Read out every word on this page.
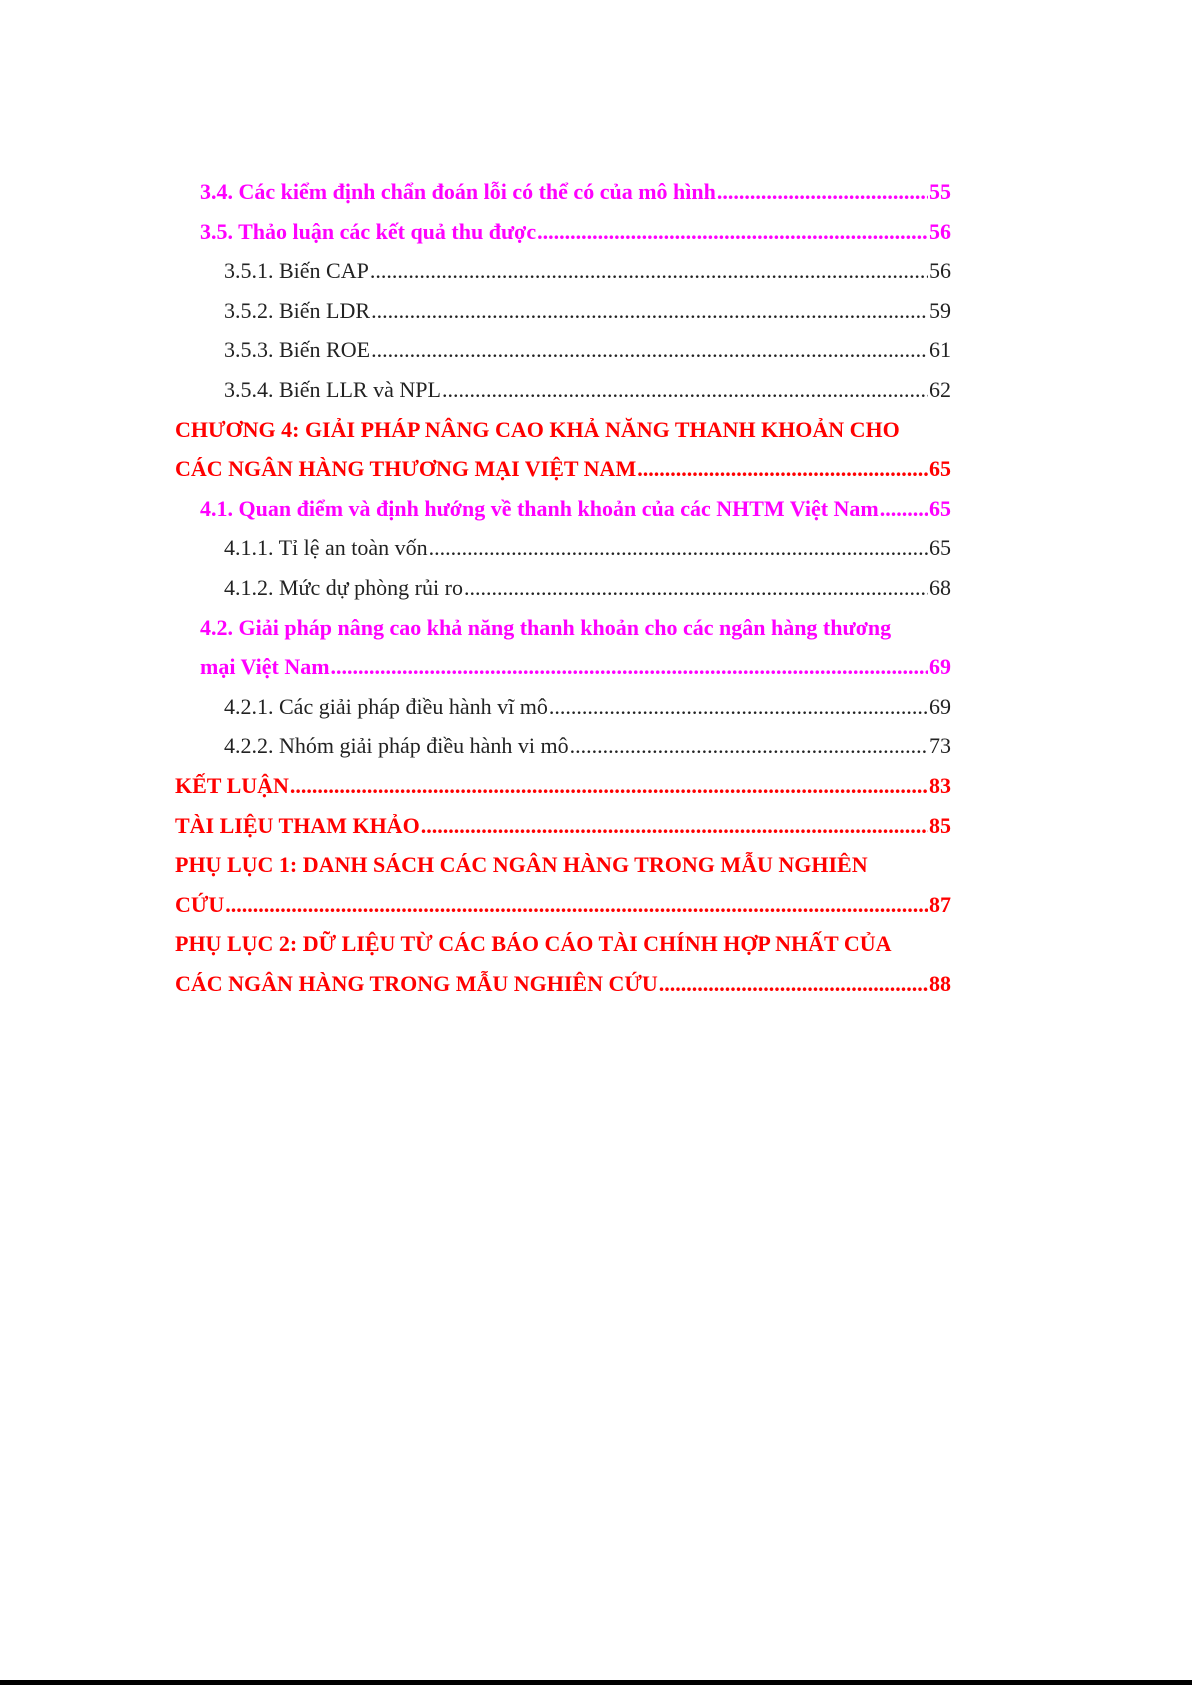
3.4. Các kiểm định chẩn đoán lỗi có thể có của mô hình .....	55
3.5. Thảo luận các kết quả thu được .....	56
3.5.1. Biến CAP .....	56
3.5.2. Biến LDR .....	59
3.5.3. Biến ROE .....	61
3.5.4. Biến LLR và NPL .....	62
CHƯƠNG 4: GIẢI PHÁP NÂNG CAO KHẢ NĂNG THANH KHOẢN CHO
CÁC NGÂN HÀNG THƯƠNG MẠI VIỆT NAM .....	65
4.1. Quan điểm và định hướng về thanh khoản của các NHTM Việt Nam ..... 65
4.1.1. Tỉ lệ an toàn vốn .....	65
4.1.2. Mức dự phòng rủi ro .....	68
4.2. Giải pháp nâng cao khả năng thanh khoản cho các ngân hàng thương
mại Việt Nam .....	69
4.2.1. Các giải pháp điều hành vĩ mô .....	69
4.2.2. Nhóm giải pháp điều hành vi mô .....	73
KẾT LUẬN .....	83
TÀI LIỆU THAM KHẢO .....	85
PHỤ LỤC 1: DANH SÁCH CÁC NGÂN HÀNG TRONG MẪU NGHIÊN
CỨU .....	87
PHỤ LỤC 2: DỮ LIỆU TỪ CÁC BÁO CÁO TÀI CHÍNH HỢP NHẤT CỦA
CÁC NGÂN HÀNG TRONG MẪU NGHIÊN CỨU .....	88
